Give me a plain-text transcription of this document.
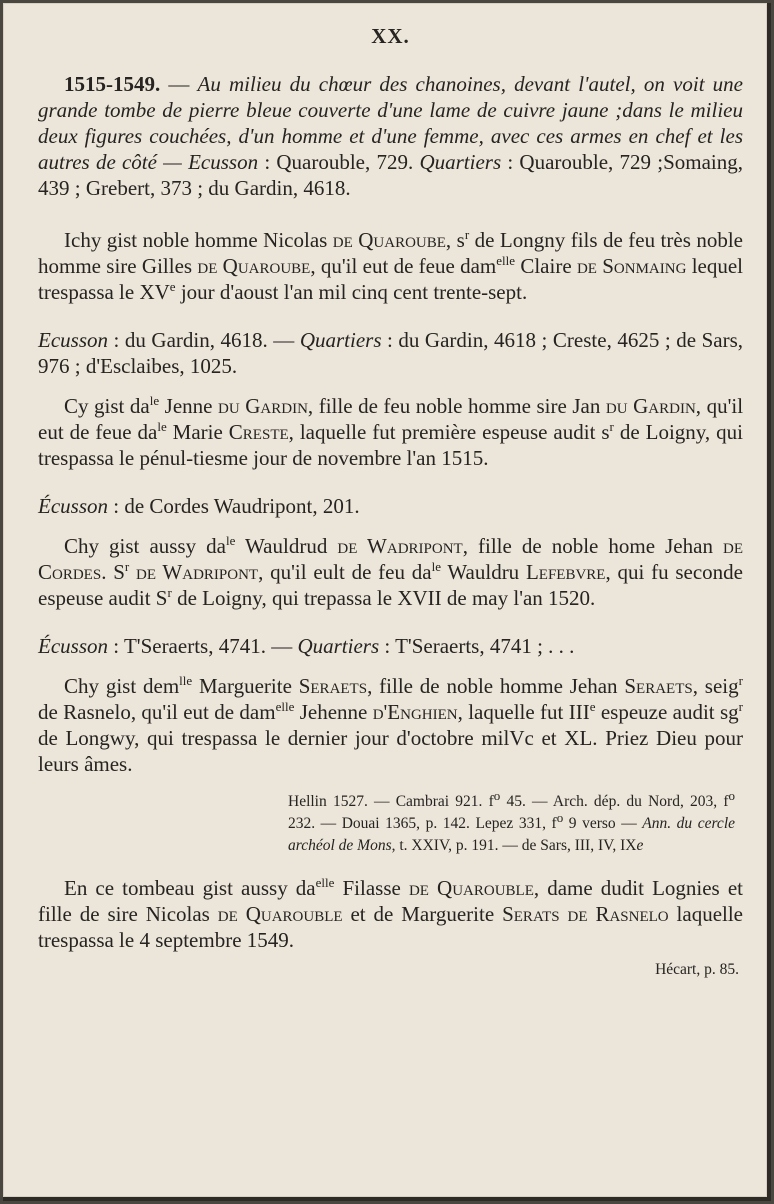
XX.

1515-1549. — Au milieu du chœur des chanoines, devant l'autel, on voit une grande tombe de pierre bleue couverte d'une lame de cuivre jaune ;dans le milieu deux figures couchées, d'un homme et d'une femme, avec ces armes en chef et les autres de côté — Ecusson : Quarouble, 729. Quartiers : Quarouble, 729 ;Somaing, 439 ; Grebert, 373 ; du Gardin, 4618.

Ichy gist noble homme Nicolas de Quaroube, $s^r$ de Longny fils de feu très noble homme sire Gilles de Quaroube, qu'il eut de feue dam$^{elle}$ Claire de Sonmaing lequel trespassa le XVe jour d'aoust l'an mil cinq cent trente-sept.

Ecusson : du Gardin, 4618. — Quartiers : du Gardin, 4618 ; Creste, 4625 ; de Sars, 976 ; d'Esclaibes, 1025.

Cy gist $da^{le}$ Jenne du Gardin, fille de feu noble homme sire Jan du Gardin, qu'il eut de feue $da^{le}$ Marie Creste, laquelle fut première espeuse audit $s^r$ de Loigny, qui trespassa le pénul-tiesme jour de novembre l'an 1515.

Écusson : de Cordes Waudripont, 201.

Chy gist aussy $da^{le}$ Wauldrud de Wadripont, fille de noble home Jehan de Cordes. $S^r$ de Wadripont, qu'il eult de feu $da^{le}$ Wauldru Lefebvre, qui fu seconde espeuse audit $S^r$ de Loigny, qui trepassa le XVII de may l'an 1520.

Écusson : T'Seraerts, 4741. — Quartiers : T'Seraerts, 4741 ; . . .

Chy gist dem$^{lle}$ Marguerite Seraets, fille de noble homme Jehan Seraets, seig$^r$ de Rasnelo, qu'il eut de dam$^{elle}$ Jehenne d'Enghien, laquelle fut IIIe espeuze audit $sg^r$ de Longwy, qui trespassa le dernier jour d'octobre milVc et XL. Priez Dieu pour leurs âmes.

Hellin 1527. — Cambrai 921. $f^o$ 45. — Arch. dép. du Nord, 203, $f^o$ 232. — Douai 1365, p. 142. Lepez 331, $f^o$ 9 verso — Ann. du cercle archéol de Mons, t. XXIV, p. 191. — de Sars, III, IV, IXe

En ce tombeau gist aussy $da^{elle}$ Filasse de Quarouble, dame dudit Lognies et fille de sire Nicolas de Quarouble et de Marguerite Serats de Rasnelo laquelle trespassa le 4 septembre 1549.

Hécart, p. 85.
